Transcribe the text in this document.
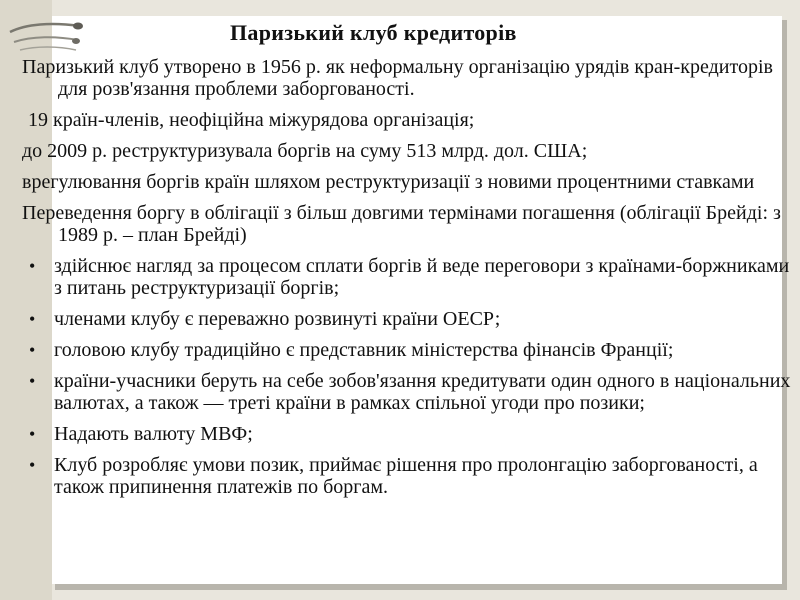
Паризький клуб кредиторів

Паризький клуб утворено в 1956 р. як неформальну організацію урядів кран-кредиторів для розв'язання проблеми заборгованості.

19 країн-членів, неофіційна міжурядова організація;

до 2009 р. реструктуризувала боргів на суму 513 млрд. дол. США;

врегулювання боргів країн шляхом реструктуризації з новими процентними ставками

Переведення боргу в облігації з більш довгими термінами погашення (облігації Брейді: з 1989 р. – план Брейді)

• здійснює нагляд за процесом сплати боргів й веде переговори з країнами-боржниками з питань реструктуризації боргів;
• членами клубу є переважно розвинуті країни ОЕСР;
• головою клубу традиційно є представник міністерства фінансів Франції;
• країни-учасники беруть на себе зобов'язання кредитувати один одного в національних валютах, а також — треті країни в рамках спільної угоди про позики;
• Надають валюту МВФ;
• Клуб розробляє умови позик, приймає рішення про пролонгацію заборгованості, а також припинення платежів по боргам.
